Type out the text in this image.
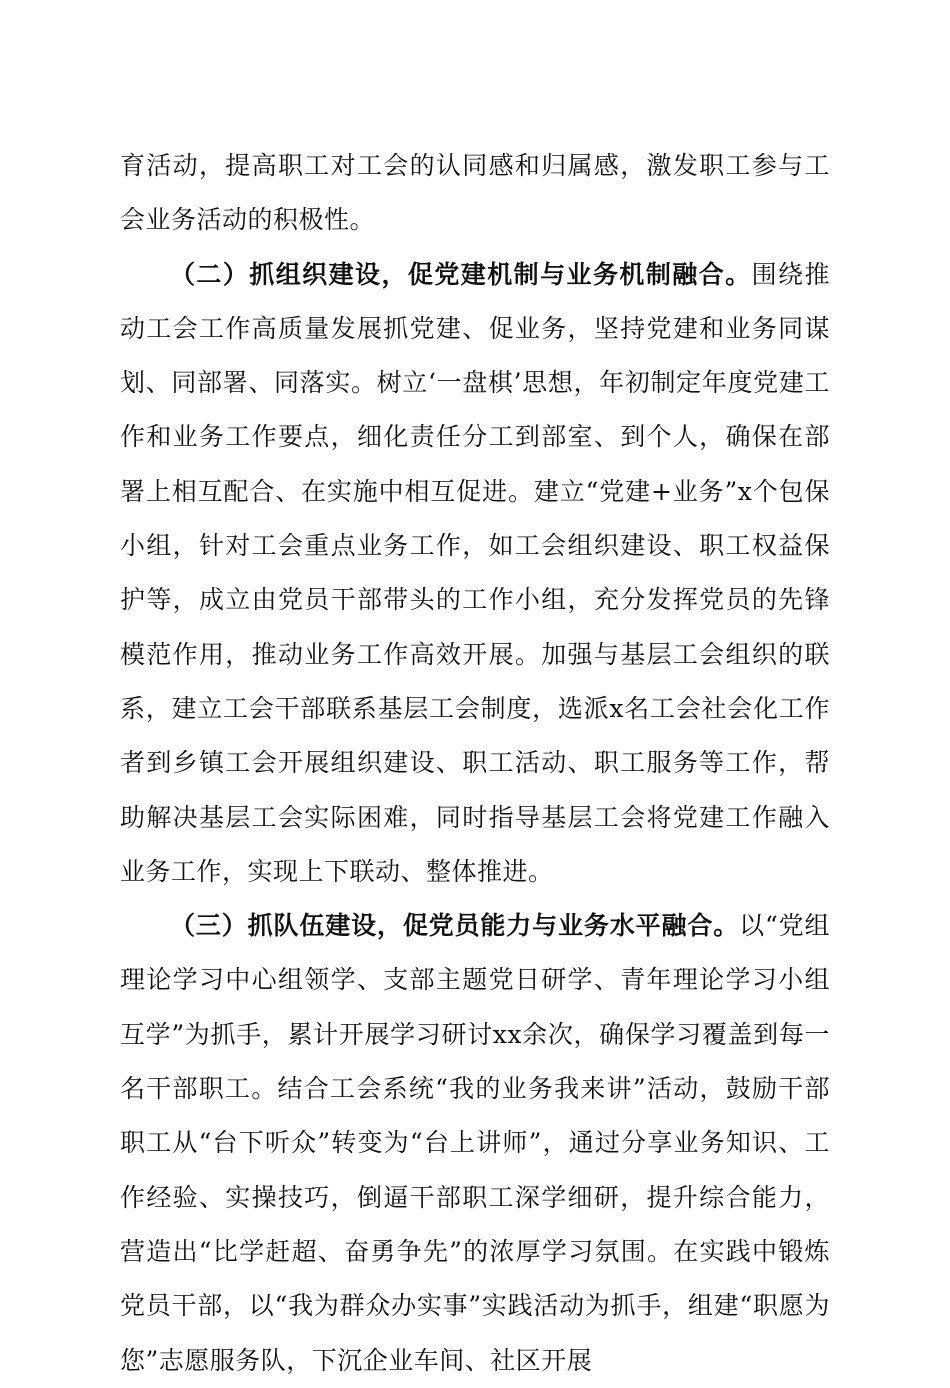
育活动，提高职工对工会的认同感和归属感，激发职工参与工会业务活动的积极性。

（二）抓组织建设，促党建机制与业务机制融合。围绕推动工会工作高质量发展抓党建、促业务，坚持党建和业务同谋划、同部署、同落实。树立‘一盘棋’思想，年初制定年度党建工作和业务工作要点，细化责任分工到部室、到个人，确保在部署上相互配合、在实施中相互促进。建立“党建+业务”x个包保小组，针对工会重点业务工作，如工会组织建设、职工权益保护等，成立由党员干部带头的工作小组，充分发挥党员的先锋模范作用，推动业务工作高效开展。加强与基层工会组织的联系，建立工会干部联系基层工会制度，选派x名工会社会化工作者到乡镇工会开展组织建设、职工活动、职工服务等工作，帮助解决基层工会实际困难，同时指导基层工会将党建工作融入业务工作，实现上下联动、整体推进。

（三）抓队伍建设，促党员能力与业务水平融合。以“党组理论学习中心组领学、支部主题党日研学、青年理论学习小组互学”为抓手，累计开展学习研讨xx余次，确保学习覆盖到每一名干部职工。结合工会系统“我的业务我来讲”活动，鼓励干部职工从“台下听众”转变为“台上讲师”，通过分享业务知识、工作经验、实操技巧，倒逼干部职工深学细研，提升综合能力，营造出“比学赶超、奋勇争先”的浓厚学习氛围。在实践中锻炼党员干部，以“我为群众办实事”实践活动为抓手，组建“职愿为您”志愿服务队，下沉企业车间、社区开展
